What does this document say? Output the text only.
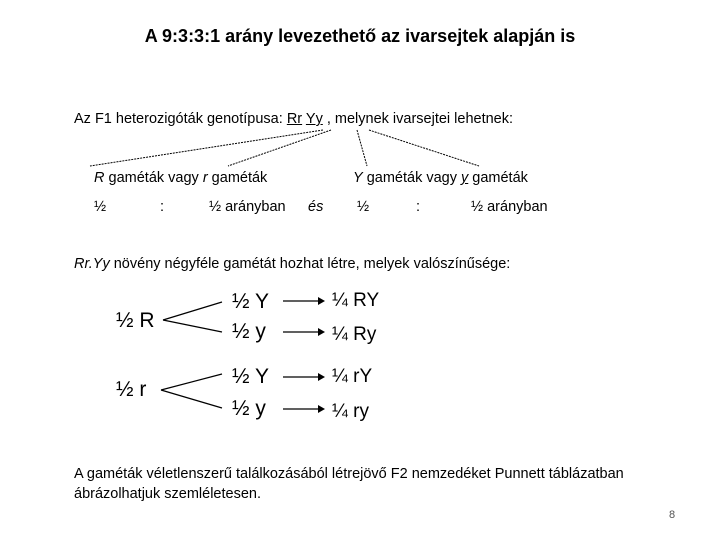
A 9:3:3:1 arány levezethető az ivarsejtek alapján is
Az F1 heterozigóták genotípusa: Rr Yy , melynek ivarsejtei lehetnek:
R gaméták vagy r gaméták	Y gaméták vagy y gaméták
½	:	½ arányban és ½	:	½ arányban
Rr.Yy növény négyféle gamétát hozhat létre, melyek valószínűsége:
½ R
½ r
½ Y
½ y
½ Y
½ y
¼ RY
¼ Ry
¼ rY
¼ ry
A gaméták véletlenszerű találkozásából létrejövő F2 nemzedéket Punnett táblázatban
ábrázolhatjuk szemléletesen.
8
